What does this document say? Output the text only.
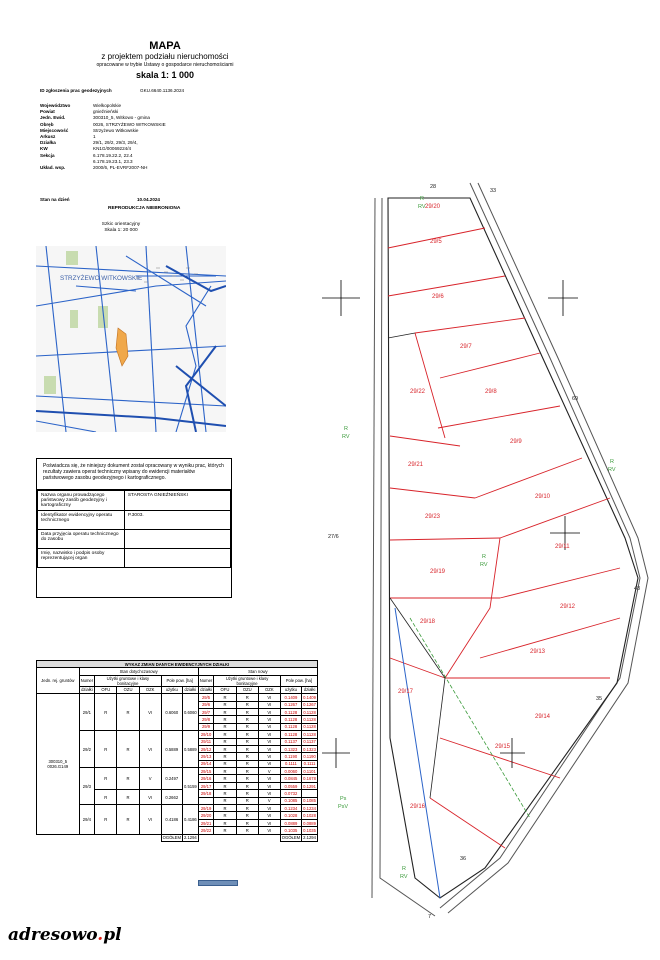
MAPA
z projektem podziału nieruchomości
opracowane w trybie Ustawy o gospodarce nieruchomościami
skala 1: 1 000
ID zgłoszenia prac geodezyjnych	GKU.6640.1136.2024
Województwo	Wielkopolskie
Powiat	gnieźnieński
Jedn. Ewid.	300310_5, Witkowo - gmina
Obręb	0026, STRZYŻEWO WITKOWSKIE
Miejscowość	Strzyżewo Witkowskie
Arkusz	1
Działka	29/1, 29/2, 29/3, 29/4,
KW	KN1G/00069224/4
Sekcja	6.178.19.22.2, 22.4
6.178.19.23.1, 23.3
Układ. wsp.	2000/6, PL-EVRF2007-NH
Stan na dzień	10.04.2024
REPRODUKCJA NIEBRONIONA
Szkic orientacyjny
Skala 1: 20 000
STRZYŻEWO WITKOWSKIE
Poświadcza się, że niniejszy dokument został opracowany w wyniku prac, których rezultaty zawiera operat techniczny wpisany do ewidencji materiałów państwowego zasobu geodezyjnego i kartograficznego.
Nazwa organu prowadzącego państwowy zasób geodezyjny i kartograficzny	STAROSTA GNIEŹNIEŃSKI
Identyfikator ewidencyjny operatu technicznego	P.3003.
Data przyjęcia operatu technicznego do zasobu	
Imię, nazwisko i podpis osoby reprezentującej organ	
WYKAZ ZMIAN DANYCH EWIDENCYJNYCH DZIAŁKI												
Jedn. rej. gruntów	Stan dotychczasowy						Stan nowy					
	Numer	Użytki gruntowe i klasy bonitacyjne			Pole pow. [ha]		Numer	Użytki gruntowe i klasy bonitacyjne			Pole pow. [ha]	
	działki	OFU	OZU	OZK	użytku	działki	działki	OFU	OZU	OZK	użytku	działki
300310_5 0026.G149	29/1	R	R	VI	0.6060	0.6060	29/5	R	R	VI	0.1409	0.1409
							29/6	R	R	VI	0.1267	0.1267
							29/7	R	R	VI	0.1128	0.1128
							29/8	R	R	VI	0.1128	0.1128
							29/9	R	R	VI	0.1128	0.1128
	29/2	R	R	VI	0.5889	0.5889	29/10	R	R	VI	0.1128	0.1128
							29/11	R	R	VI	0.1137	0.1137
							29/12	R	R	VI	0.1323	0.1323
							29/13	R	R	VI	0.1190	0.1190
							29/14	R	R	VI	0.1111	0.1111
	29/3	R	R	V	0.2497	0.5159	29/15	R	R	V	0.0060	0.1101
							29/16	R	R	VI	0.0845	0.1678
							29/17	R	R	VI	0.0559	0.1291
		R	R	VI	0.2662		29/18	R	R	VI	0.0732	
								R	R	V	0.1085	0.1085
	29/4	R	R	VI	0.4186	0.4186	29/19	R	R	VI	0.1234	0.1234
							29/20	R	R	VI	0.1028	0.1028
							29/21	R	R	VI	0.0889	0.0889
							29/22	R	R	VI	0.1035	0.1035
					OGÓŁEM	2.1294					OGÓŁEM	2.1294
29/5
29/6
29/7
29/8
29/9
29/10
29/11
29/12
29/13
29/14
29/15
29/16
29/17
29/18
29/19
29/23
29/21
29/22
29/20
28
33
27/6
69
48
35
36
7
R
RV
R
RV
R
RV
Ps
PsV
R
RV
R
RV
adresowo.pl
